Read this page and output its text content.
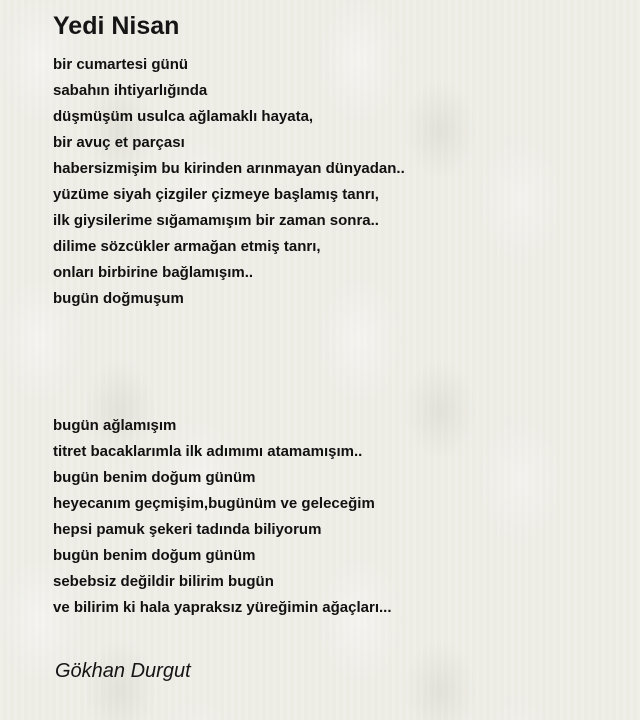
Yedi Nisan
bir cumartesi günü
sabahın ihtiyarlığında
düşmüşüm usulca ağlamaklı hayata,
bir avuç et parçası
habersizmişim bu kirinden arınmayan dünyadan..
yüzüme siyah çizgiler çizmeye başlamış tanrı,
ilk giysilerime sığamamışım bir zaman sonra..
dilime sözcükler armağan etmiş tanrı,
onları birbirine bağlamışım..
bugün doğmuşum
bugün ağlamışım
titret bacaklarımla ilk adımımı atamamışım..
bugün benim doğum günüm
heyecanım geçmişim,bugünüm ve geleceğim
hepsi pamuk şekeri tadında biliyorum
bugün benim doğum günüm
sebebsiz değildir bilirim bugün
ve bilirim ki hala yapraksız yüreğimin ağaçları...
Gökhan Durgut
